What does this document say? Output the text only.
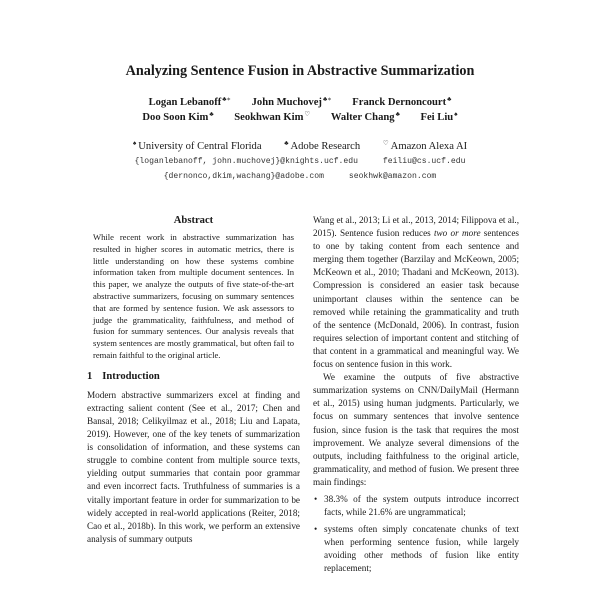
Analyzing Sentence Fusion in Abstractive Summarization
Logan Lebanoff♣∗ John Muchovej♣∗ Franck Dernoncourt♣
Doo Soon Kim♣ Seokhwan Kim♡ Walter Chang♣ Fei Liu♠
♠ University of Central Florida	♣ Adobe Research	♡ Amazon Alexa AI
{loganlebanoff, john.muchovej}@knights.ucf.edu	feiliu@cs.ucf.edu
{dernonco,dkim,wachang}@adobe.com	seokhwk@amazon.com
Abstract

While recent work in abstractive summarization has resulted in higher scores in automatic metrics, there is little understanding on how these systems combine information taken from multiple document sentences. In this paper, we analyze the outputs of five state-of-the-art abstractive summarizers, focusing on summary sentences that are formed by sentence fusion. We ask assessors to judge the grammaticality, faithfulness, and method of fusion for summary sentences. Our analysis reveals that system sentences are mostly grammatical, but often fail to remain faithful to the original article.

1 Introduction

Modern abstractive summarizers excel at finding and extracting salient content (See et al., 2017; Chen and Bansal, 2018; Celikyilmaz et al., 2018; Liu and Lapata, 2019). However, one of the key tenets of summarization is consolidation of information, and these systems can struggle to combine content from multiple source texts, yielding output summaries that contain poor grammar and even incorrect facts. Truthfulness of summaries is a vitally important feature in order for summarization to be widely accepted in real-world applications (Reiter, 2018; Cao et al., 2018b). In this work, we perform an extensive analysis of summary outputs

Wang et al., 2013; Li et al., 2013, 2014; Filippova et al., 2015). Sentence fusion reduces two or more sentences to one by taking content from each sentence and merging them together (Barzilay and McKeown, 2005; McKeown et al., 2010; Thadani and McKeown, 2013). Compression is considered an easier task because unimportant clauses within the sentence can be removed while retaining the grammaticality and truth of the sentence (McDonald, 2006). In contrast, fusion requires selection of important content and stitching of that content in a grammatical and meaningful way. We focus on sentence fusion in this work.

We examine the outputs of five abstractive summarization systems on CNN/DailyMail (Hermann et al., 2015) using human judgments. Particularly, we focus on summary sentences that involve sentence fusion, since fusion is the task that requires the most improvement. We analyze several dimensions of the outputs, including faithfulness to the original article, grammaticality, and method of fusion. We present three main findings:

• 38.3% of the system outputs introduce incorrect facts, while 21.6% are ungrammatical;
• systems often simply concatenate chunks of text when performing sentence fusion, while largely avoiding other methods of fusion like entity replacement;
